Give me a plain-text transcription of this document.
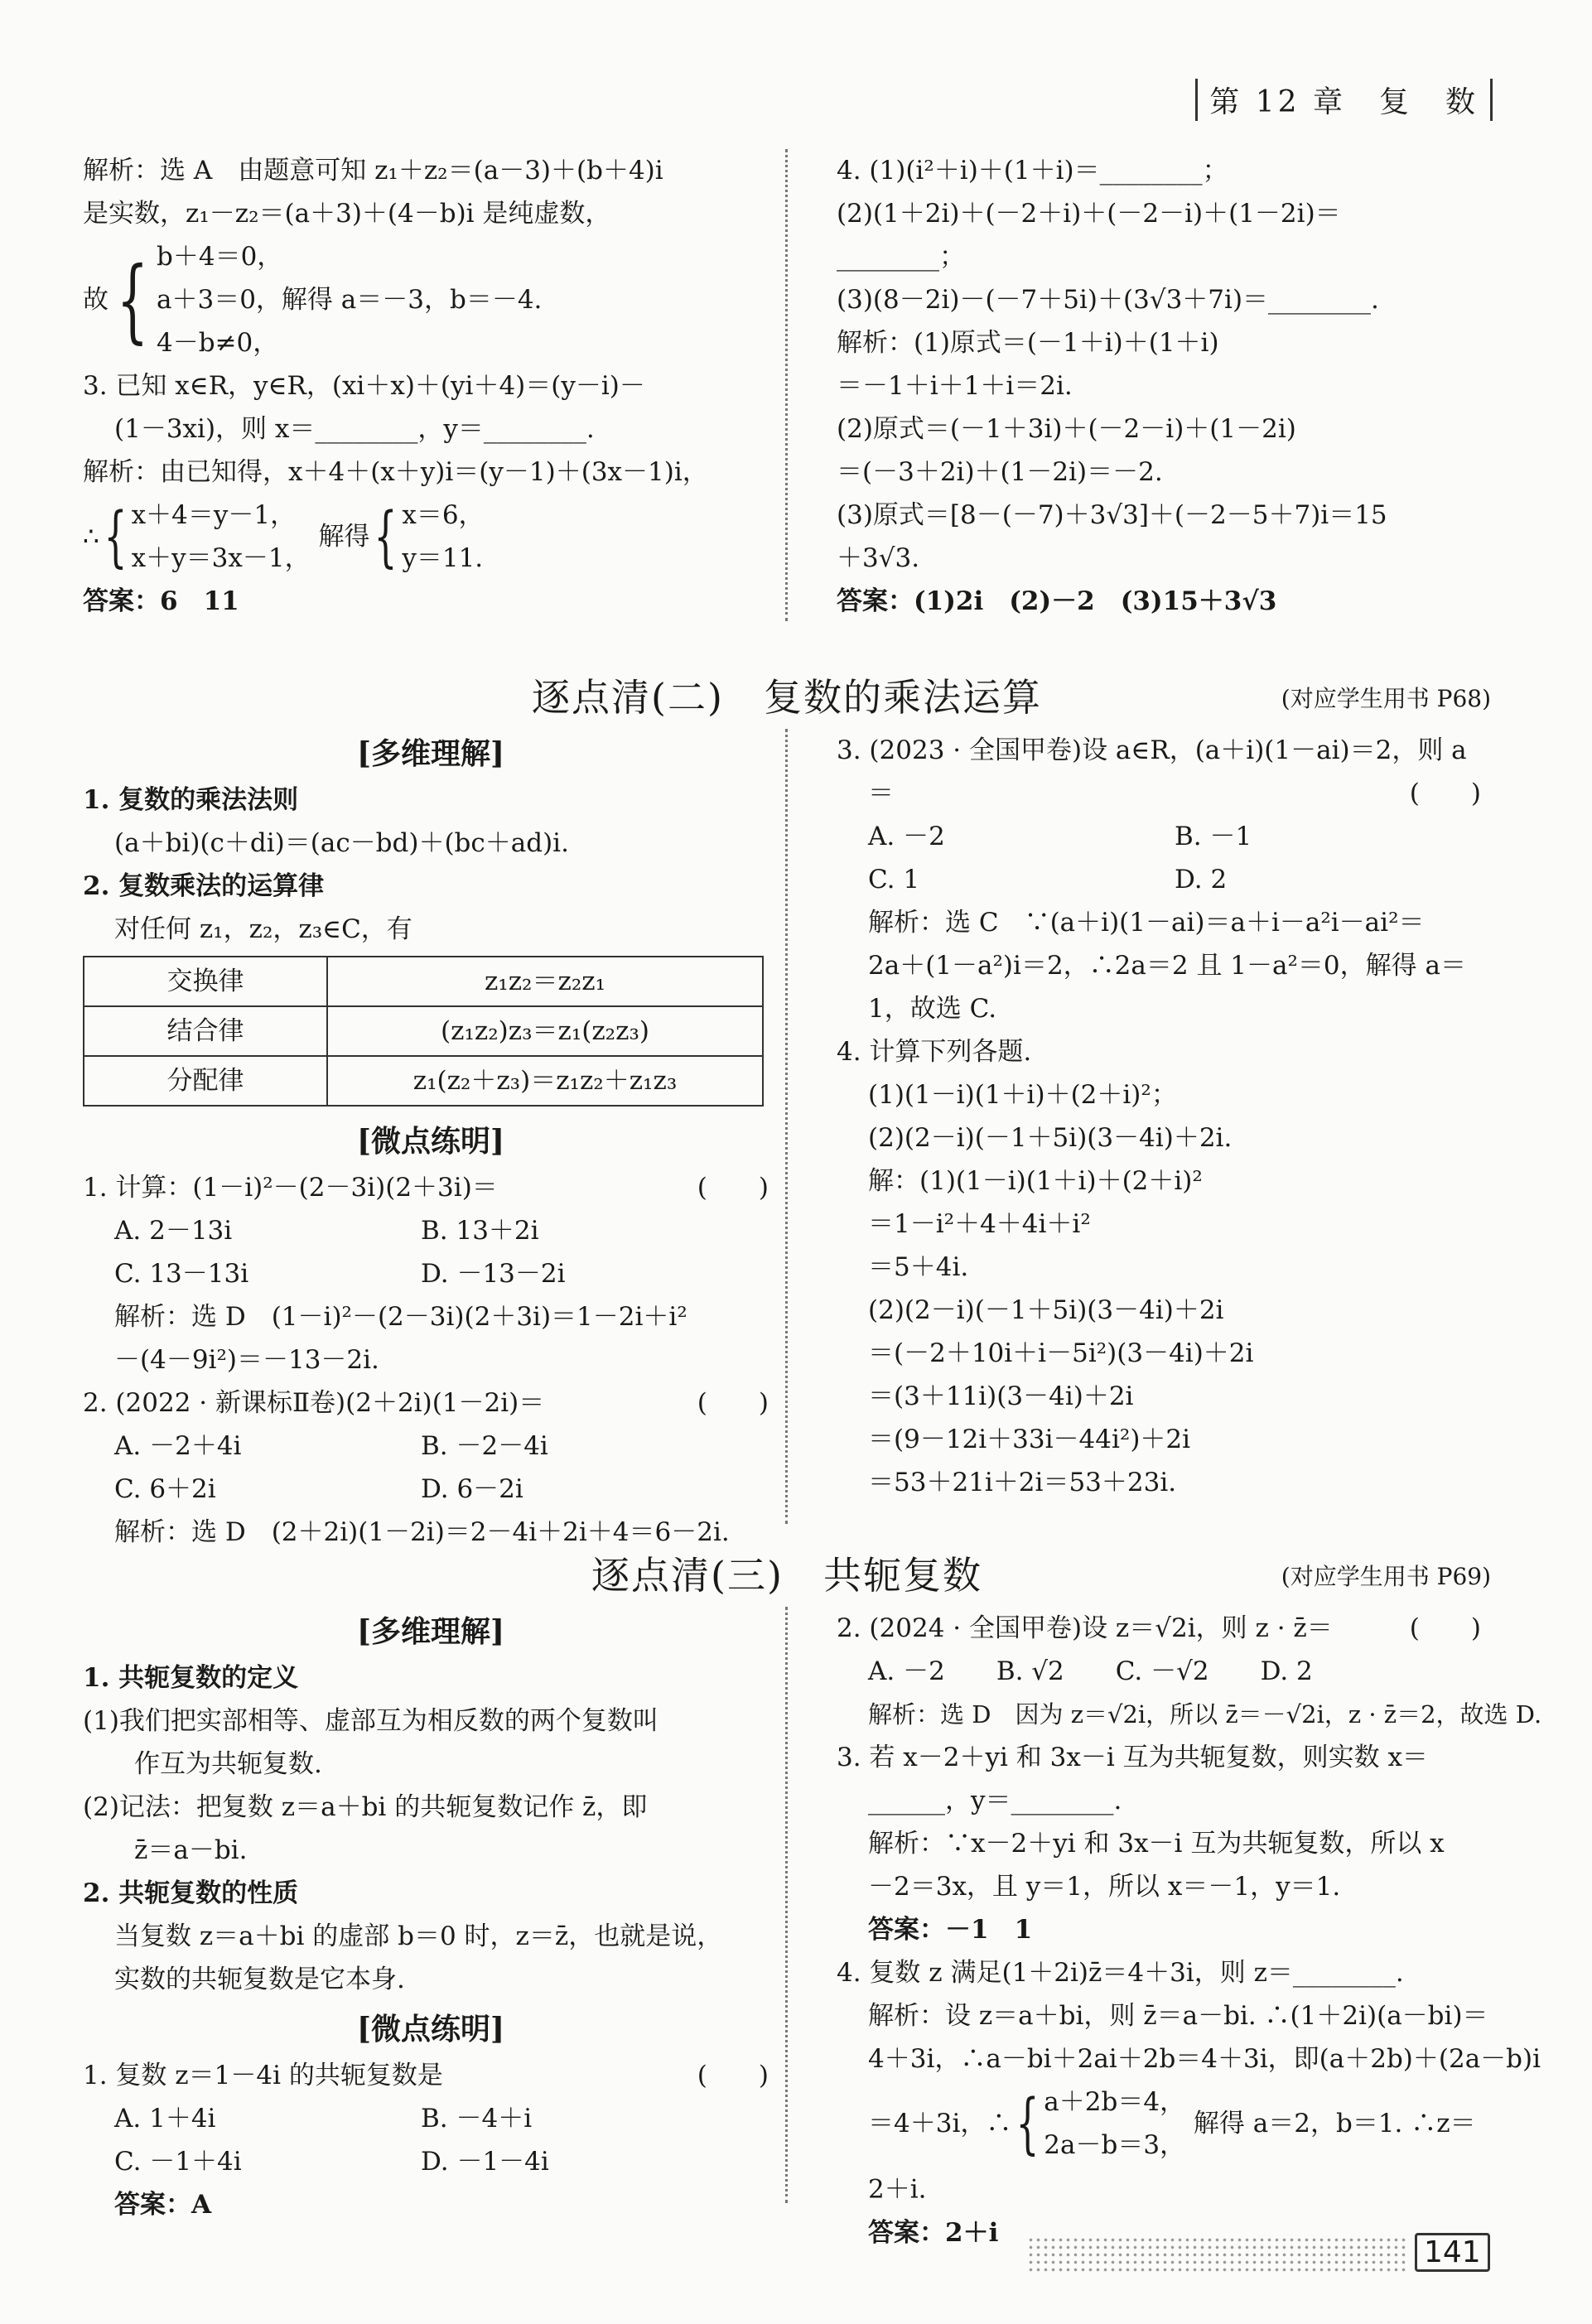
第 12 章　复　数

解析：选 A　由题意可知 z₁＋z₂＝(a－3)＋(b＋4)i

是实数，z₁－z₂＝(a＋3)＋(4－b)i 是纯虚数，

故{ b＋4＝0，
a＋3＝0，解得 a＝－3，b＝－4.
4－b≠0，

3. 已知 x∈R，y∈R，(xi＋x)＋(yi＋4)＝(y－i)－

(1－3xi)，则 x＝________，y＝________.

解析：由已知得，x＋4＋(x＋y)i＝(y－1)＋(3x－1)i，

∴{ x＋4＝y－1，
x＋y＝3x－1，
解得{ x＝6，
y＝11.

答案：6　11

4. (1)(i²＋i)＋(1＋i)＝________；

(2)(1＋2i)＋(－2＋i)＋(－2－i)＋(1－2i)＝

________；

(3)(8－2i)－(－7＋5i)＋(3√3＋7i)＝________.

解析：(1)原式＝(－1＋i)＋(1＋i)

＝－1＋i＋1＋i＝2i.

(2)原式＝(－1＋3i)＋(－2－i)＋(1－2i)

＝(－3＋2i)＋(1－2i)＝－2.

(3)原式＝[8－(－7)＋3√3]＋(－2－5＋7)i＝15

＋3√3.

答案：(1)2i　(2)－2　(3)15＋3√3

逐点清(二)　复数的乘法运算	(对应学生用书 P68)
[多维理解]

1. 复数的乘法法则

(a＋bi)(c＋di)＝(ac－bd)＋(bc＋ad)i.

2. 复数乘法的运算律

对任何 z₁，z₂，z₃∈C，有

交换律	z₁z₂＝z₂z₁
结合律	(z₁z₂)z₃＝z₁(z₂z₃)
分配律	z₁(z₂＋z₃)＝z₁z₂＋z₁z₃
[微点练明]

1. 计算：(1－i)²－(2－3i)(2＋3i)＝	(　　)

A. 2－13i	B. 13＋2i

C. 13－13i	D. －13－2i

解析：选 D　(1－i)²－(2－3i)(2＋3i)＝1－2i＋i²

－(4－9i²)＝－13－2i.

2. (2022 · 新课标Ⅱ卷)(2＋2i)(1－2i)＝	(　　)

A. －2＋4i	B. －2－4i

C. 6＋2i	D. 6－2i

解析：选 D　(2＋2i)(1－2i)＝2－4i＋2i＋4＝6－2i.

3. (2023 · 全国甲卷)设 a∈R，(a＋i)(1－ai)＝2，则 a

＝	(　　)

A. －2	B. －1

C. 1	D. 2

解析：选 C　∵(a＋i)(1－ai)＝a＋i－a²i－ai²＝

2a＋(1－a²)i＝2，∴2a＝2 且 1－a²＝0，解得 a＝

1，故选 C.

4. 计算下列各题.

(1)(1－i)(1＋i)＋(2＋i)²；

(2)(2－i)(－1＋5i)(3－4i)＋2i.

解：(1)(1－i)(1＋i)＋(2＋i)²

＝1－i²＋4＋4i＋i²

＝5＋4i.

(2)(2－i)(－1＋5i)(3－4i)＋2i

＝(－2＋10i＋i－5i²)(3－4i)＋2i

＝(3＋11i)(3－4i)＋2i

＝(9－12i＋33i－44i²)＋2i

＝53＋21i＋2i＝53＋23i.

逐点清(三)　共轭复数	(对应学生用书 P69)
[多维理解]

1. 共轭复数的定义

(1)我们把实部相等、虚部互为相反数的两个复数叫

作互为共轭复数.

(2)记法：把复数 z＝a＋bi 的共轭复数记作 z̄，即

z̄＝a－bi.

2. 共轭复数的性质

当复数 z＝a＋bi 的虚部 b＝0 时，z＝z̄，也就是说，

实数的共轭复数是它本身.

[微点练明]

1. 复数 z＝1－4i 的共轭复数是	(　　)

A. 1＋4i	B. －4＋i

C. －1＋4i	D. －1－4i

答案：A

2. (2024 · 全国甲卷)设 z＝√2i，则 z · z̄＝	(　　)

A. －2　　B. √2　　C. －√2　　D. 2

解析：选 D　因为 z＝√2i，所以 z̄＝－√2i，z · z̄＝2，故选 D.

3. 若 x－2＋yi 和 3x－i 互为共轭复数，则实数 x＝

______，y＝________.

解析：∵x－2＋yi 和 3x－i 互为共轭复数，所以 x

－2＝3x，且 y＝1，所以 x＝－1，y＝1.

答案：－1　1

4. 复数 z 满足(1＋2i)z̄＝4＋3i，则 z＝________.

解析：设 z＝a＋bi，则 z̄＝a－bi. ∴(1＋2i)(a－bi)＝

4＋3i，∴a－bi＋2ai＋2b＝4＋3i，即(a＋2b)＋(2a－b)i

＝4＋3i，∴{ a＋2b＝4，
2a－b＝3，
解得 a＝2，b＝1. ∴z＝2＋i.

答案：2＋i

141
